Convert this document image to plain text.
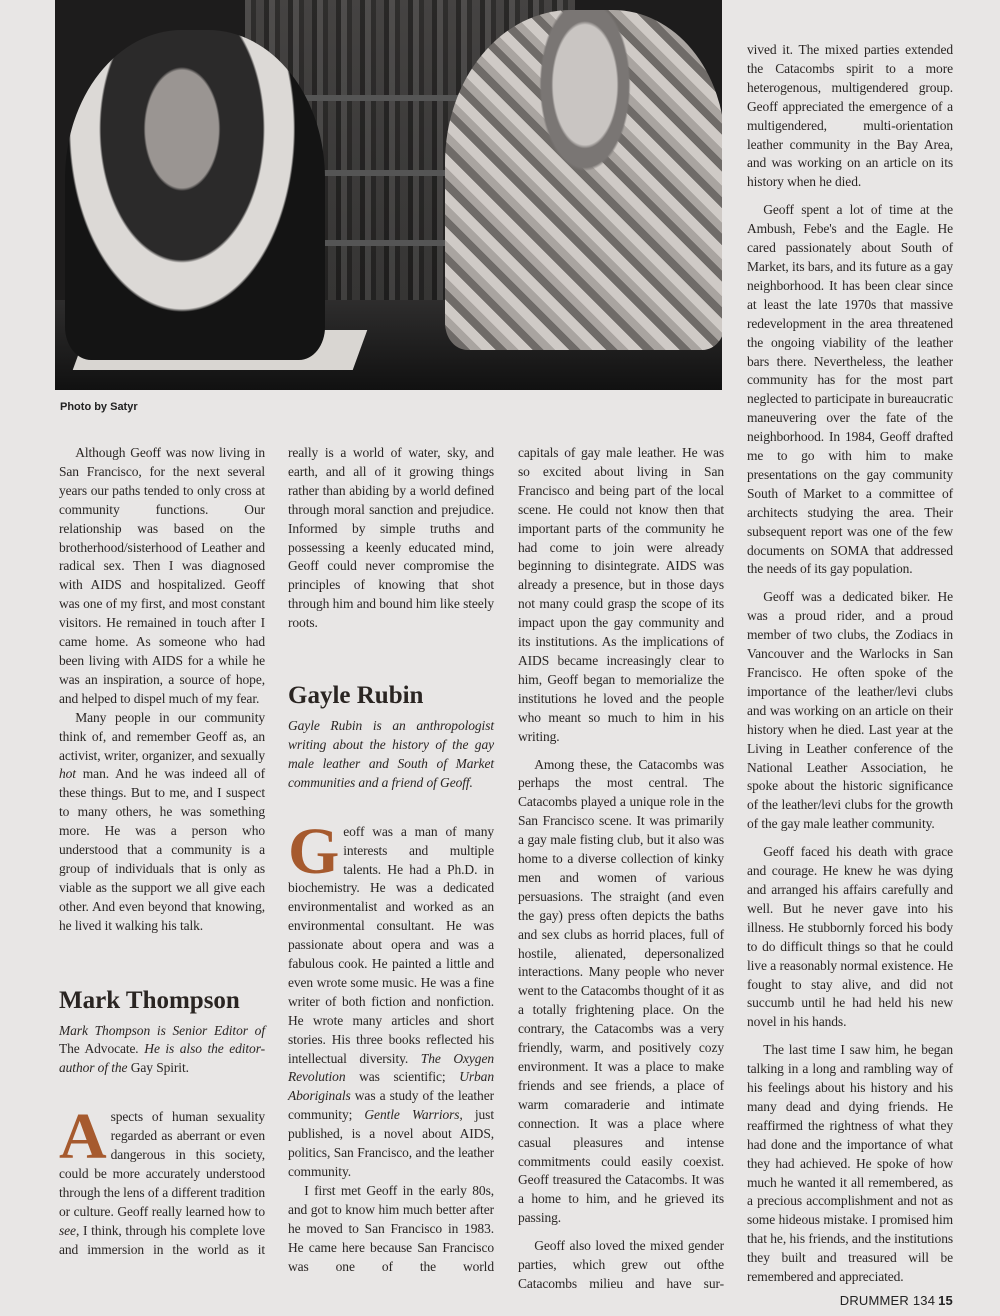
Photo by Satyr

Although Geoff was now living in San Francisco, for the next several years our paths tended to only cross at community functions. Our relationship was based on the brotherhood/sisterhood of Leather and radical sex. Then I was diagnosed with AIDS and hospitalized. Geoff was one of my first, and most constant visitors. He remained in touch after I came home. As someone who had been living with AIDS for a while he was an inspiration, a source of hope, and helped to dispel much of my fear.

Many people in our community think of, and remember Geoff as, an activist, writer, organizer, and sexually hot man. And he was indeed all of these things. But to me, and I suspect to many others, he was something more. He was a person who understood that a community is a group of individuals that is only as viable as the support we all give each other. And even beyond that knowing, he lived it walking his talk.

Mark Thompson

Mark Thompson is Senior Editor of The Advocate. He is also the editor-author of the Gay Spirit.

Aspects of human sexuality regarded as aberrant or even dangerous in this society, could be more accurately understood through the lens of a different tradition or culture. Geoff really learned how to see, I think, through his complete love and immersion in the world as it

really is a world of water, sky, and earth, and all of it growing things rather than abiding by a world defined through moral sanction and prejudice. Informed by simple truths and possessing a keenly educated mind, Geoff could never compromise the principles of knowing that shot through him and bound him like steely roots.

Gayle Rubin

Gayle Rubin is an anthropologist writing about the history of the gay male leather and South of Market communities and a friend of Geoff.

Geoff was a man of many interests and multiple talents. He had a Ph.D. in biochemistry. He was a dedicated environmentalist and worked as an environmental consultant. He was passionate about opera and was a fabulous cook. He painted a little and even wrote some music. He was a fine writer of both fiction and nonfiction. He wrote many articles and short stories. His three books reflected his intellectual diversity. The Oxygen Revolution was scientific; Urban Aboriginals was a study of the leather community; Gentle Warriors, just published, is a novel about AIDS, politics, San Francisco, and the leather community.

I first met Geoff in the early 80s, and got to know him much better after he moved to San Francisco in 1983. He came here because San Francisco was one of the world

capitals of gay male leather. He was so excited about living in San Francisco and being part of the local scene. He could not know then that important parts of the community he had come to join were already beginning to disintegrate. AIDS was already a presence, but in those days not many could grasp the scope of its impact upon the gay community and its institutions. As the implications of AIDS became increasingly clear to him, Geoff began to memorialize the institutions he loved and the people who meant so much to him in his writing.

Among these, the Catacombs was perhaps the most central. The Catacombs played a unique role in the San Francisco scene. It was primarily a gay male fisting club, but it also was home to a diverse collection of kinky men and women of various persuasions. The straight (and even the gay) press often depicts the baths and sex clubs as horrid places, full of hostile, alienated, depersonalized interactions. Many people who never went to the Catacombs thought of it as a totally frightening place. On the contrary, the Catacombs was a very friendly, warm, and positively cozy environment. It was a place to make friends and see friends, a place of warm comaraderie and intimate connection. It was a place where casual pleasures and intense commitments could easily coexist. Geoff treasured the Catacombs. It was a home to him, and he grieved its passing.

Geoff also loved the mixed gender parties, which grew out ofthe Catacombs milieu and have sur-

vived it. The mixed parties extended the Catacombs spirit to a more heterogenous, multigendered group. Geoff appreciated the emergence of a multigendered, multi-orientation leather community in the Bay Area, and was working on an article on its history when he died.

Geoff spent a lot of time at the Ambush, Febe's and the Eagle. He cared passionately about South of Market, its bars, and its future as a gay neighborhood. It has been clear since at least the late 1970s that massive redevelopment in the area threatened the ongoing viability of the leather bars there. Nevertheless, the leather community has for the most part neglected to participate in bureaucratic maneuvering over the fate of the neighborhood. In 1984, Geoff drafted me to go with him to make presentations on the gay community South of Market to a committee of architects studying the area. Their subsequent report was one of the few documents on SOMA that addressed the needs of its gay population.

Geoff was a dedicated biker. He was a proud rider, and a proud member of two clubs, the Zodiacs in Vancouver and the Warlocks in San Francisco. He often spoke of the importance of the leather/levi clubs and was working on an article on their history when he died. Last year at the Living in Leather conference of the National Leather Association, he spoke about the historic significance of the leather/levi clubs for the growth of the gay male leather community.

Geoff faced his death with grace and courage. He knew he was dying and arranged his affairs carefully and well. But he never gave into his illness. He stubbornly forced his body to do difficult things so that he could live a reasonably normal existence. He fought to stay alive, and did not succumb until he had held his new novel in his hands.

The last time I saw him, he began talking in a long and rambling way of his feelings about his history and his many dead and dying friends. He reaffirmed the rightness of what they had done and the importance of what they had achieved. He spoke of how much he wanted it all remembered, as a precious accomplishment and not as some hideous mistake. I promised him that he, his friends, and the institutions they built and treasured will be remembered and appreciated.

DRUMMER 134 15
